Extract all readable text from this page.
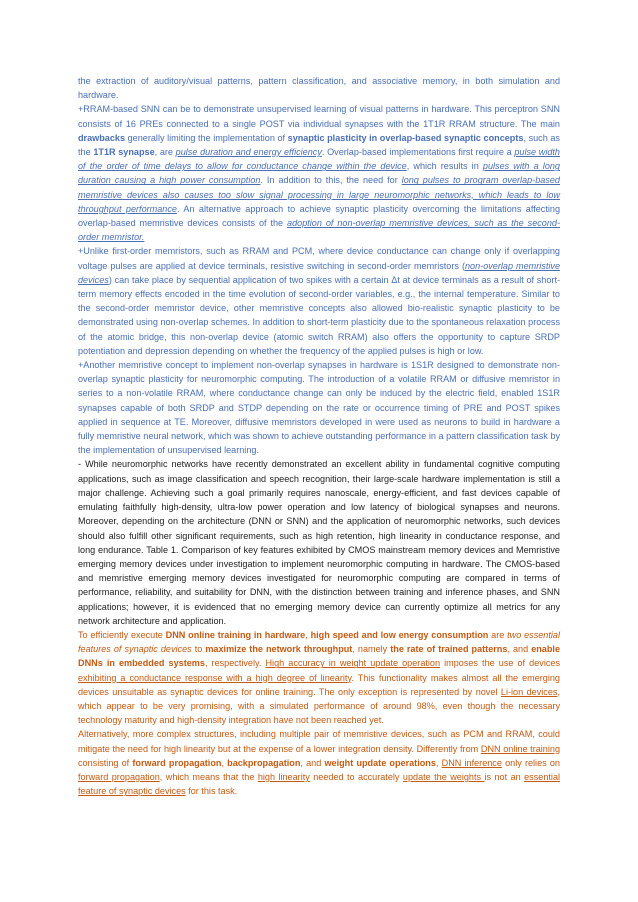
the extraction of auditory/visual patterns, pattern classification, and associative memory, in both simulation and hardware.

+RRAM-based SNN can be to demonstrate unsupervised learning of visual patterns in hardware. This perceptron SNN consists of 16 PREs connected to a single POST via individual synapses with the 1T1R RRAM structure. The main drawbacks generally limiting the implementation of synaptic plasticity in overlap-based synaptic concepts, such as the 1T1R synapse, are pulse duration and energy efficiency. Overlap-based implementations first require a pulse width of the order of time delays to allow for conductance change within the device, which results in pulses with a long duration causing a high power consumption. In addition to this, the need for long pulses to program overlap-based memristive devices also causes too slow signal processing in large neuromorphic networks, which leads to low throughput performance. An alternative approach to achieve synaptic plasticity overcoming the limitations affecting overlap-based memristive devices consists of the adoption of non-overlap memristive devices, such as the second-order memristor.

+Unlike first-order memristors, such as RRAM and PCM, where device conductance can change only if overlapping voltage pulses are applied at device terminals, resistive switching in second-order memristors (non-overlap memristive devices) can take place by sequential application of two spikes with a certain Δt at device terminals as a result of short-term memory effects encoded in the time evolution of second-order variables, e.g., the internal temperature. Similar to the second-order memristor device, other memristive concepts also allowed bio-realistic synaptic plasticity to be demonstrated using non-overlap schemes. In addition to short-term plasticity due to the spontaneous relaxation process of the atomic bridge, this non-overlap device (atomic switch RRAM) also offers the opportunity to capture SRDP potentiation and depression depending on whether the frequency of the applied pulses is high or low.

+Another memristive concept to implement non-overlap synapses in hardware is 1S1R designed to demonstrate non-overlap synaptic plasticity for neuromorphic computing. The introduction of a volatile RRAM or diffusive memristor in series to a non-volatile RRAM, where conductance change can only be induced by the electric field, enabled 1S1R synapses capable of both SRDP and STDP depending on the rate or occurrence timing of PRE and POST spikes applied in sequence at TE. Moreover, diffusive memristors developed in were used as neurons to build in hardware a fully memristive neural network, which was shown to achieve outstanding performance in a pattern classification task by the implementation of unsupervised learning.

- While neuromorphic networks have recently demonstrated an excellent ability in fundamental cognitive computing applications, such as image classification and speech recognition, their large-scale hardware implementation is still a major challenge. Achieving such a goal primarily requires nanoscale, energy-efficient, and fast devices capable of emulating faithfully high-density, ultra-low power operation and low latency of biological synapses and neurons. Moreover, depending on the architecture (DNN or SNN) and the application of neuromorphic networks, such devices should also fulfill other significant requirements, such as high retention, high linearity in conductance response, and long endurance. Table 1. Comparison of key features exhibited by CMOS mainstream memory devices and Memristive emerging memory devices under investigation to implement neuromorphic computing in hardware. The CMOS-based and memristive emerging memory devices investigated for neuromorphic computing are compared in terms of performance, reliability, and suitability for DNN, with the distinction between training and inference phases, and SNN applications; however, it is evidenced that no emerging memory device can currently optimize all metrics for any network architecture and application.

To efficiently execute DNN online training in hardware, high speed and low energy consumption are two essential features of synaptic devices to maximize the network throughput, namely the rate of trained patterns, and enable DNNs in embedded systems, respectively. High accuracy in weight update operation imposes the use of devices exhibiting a conductance response with a high degree of linearity. This functionality makes almost all the emerging devices unsuitable as synaptic devices for online training. The only exception is represented by novel Li-ion devices, which appear to be very promising, with a simulated performance of around 98%, even though the necessary technology maturity and high-density integration have not been reached yet.

Alternatively, more complex structures, including multiple pair of memristive devices, such as PCM and RRAM, could mitigate the need for high linearity but at the expense of a lower integration density. Differently from DNN online training consisting of forward propagation, backpropagation, and weight update operations, DNN inference only relies on forward propagation, which means that the high linearity needed to accurately update the weights is not an essential feature of synaptic devices for this task.
